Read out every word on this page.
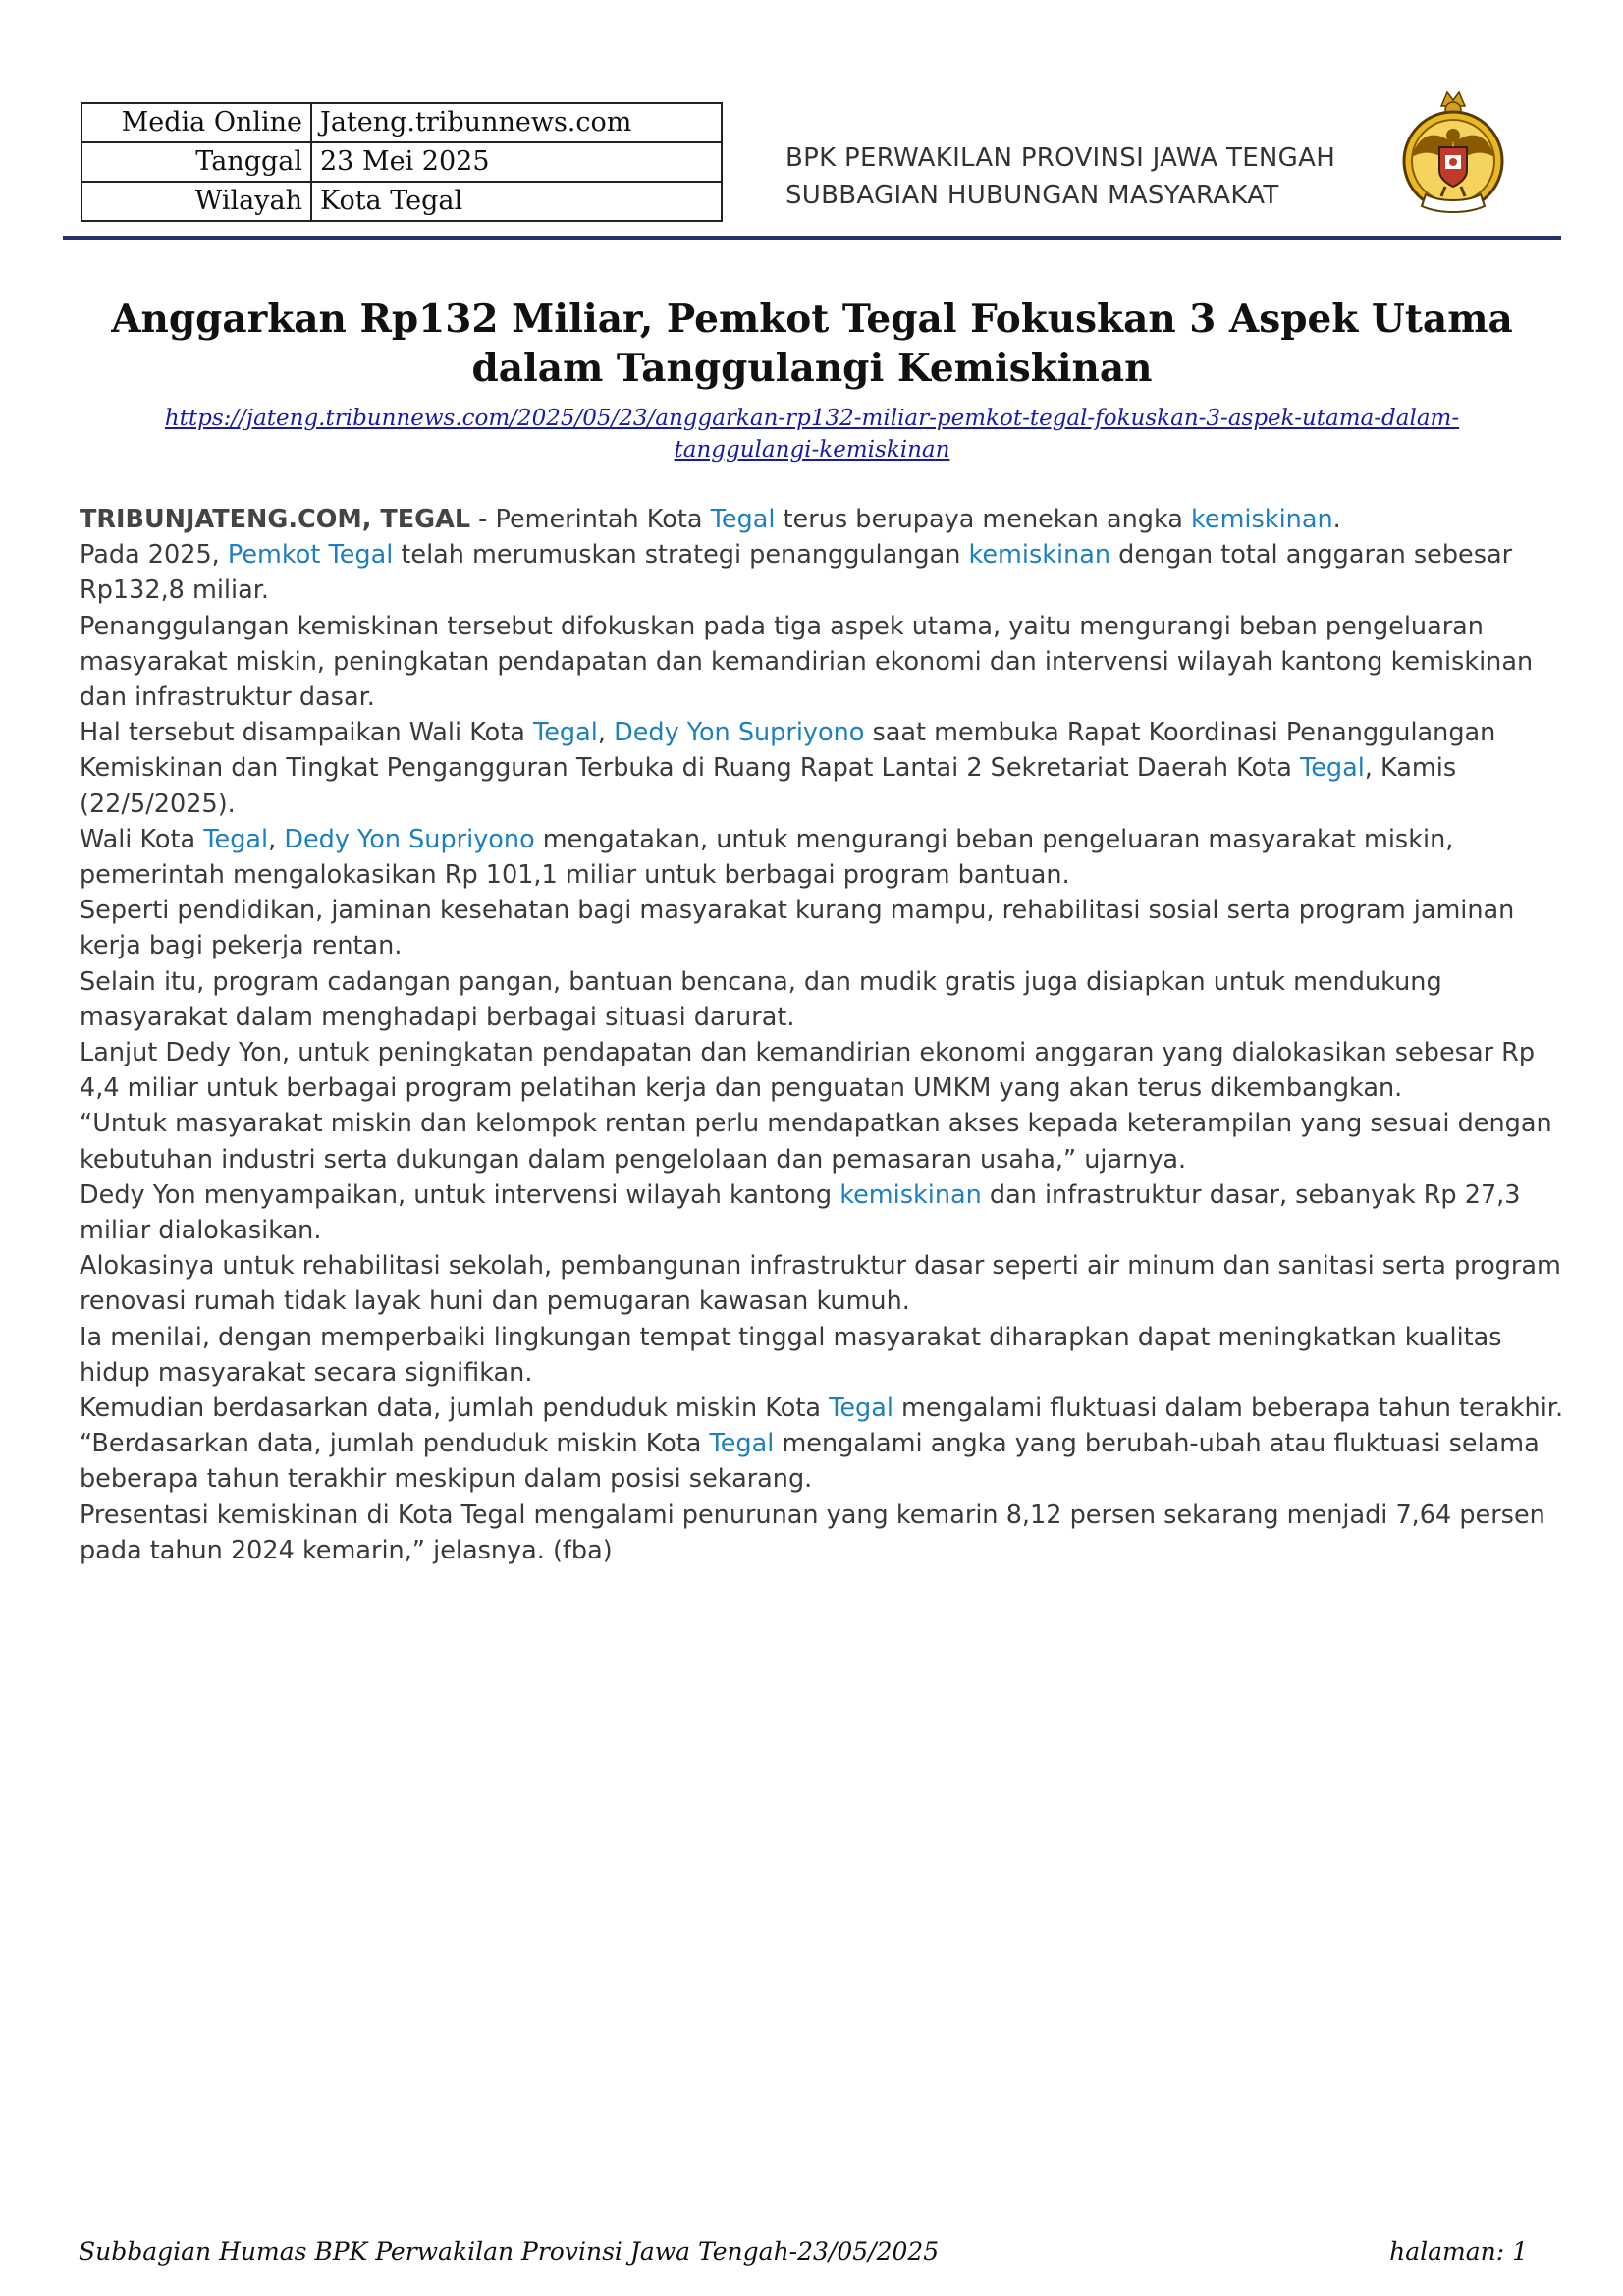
Media Online	Jateng.tribunnews.com
Tanggal	23 Mei 2025
Wilayah	Kota Tegal
BPK PERWAKILAN PROVINSI JAWA TENGAH
SUBBAGIAN HUBUNGAN MASYARAKAT
Anggarkan Rp132 Miliar, Pemkot Tegal Fokuskan 3 Aspek Utama dalam Tanggulangi Kemiskinan
https://jateng.tribunnews.com/2025/05/23/anggarkan-rp132-miliar-pemkot-tegal-fokuskan-3-aspek-utama-dalam-tanggulangi-kemiskinan

TRIBUNJATENG.COM, TEGAL - Pemerintah Kota Tegal terus berupaya menekan angka kemiskinan.

Pada 2025, Pemkot Tegal telah merumuskan strategi penanggulangan kemiskinan dengan total anggaran sebesar Rp132,8 miliar.

Penanggulangan kemiskinan tersebut difokuskan pada tiga aspek utama, yaitu mengurangi beban pengeluaran masyarakat miskin, peningkatan pendapatan dan kemandirian ekonomi dan intervensi wilayah kantong kemiskinan dan infrastruktur dasar.

Hal tersebut disampaikan Wali Kota Tegal, Dedy Yon Supriyono saat membuka Rapat Koordinasi Penanggulangan Kemiskinan dan Tingkat Pengangguran Terbuka di Ruang Rapat Lantai 2 Sekretariat Daerah Kota Tegal, Kamis (22/5/2025).

Wali Kota Tegal, Dedy Yon Supriyono mengatakan, untuk mengurangi beban pengeluaran masyarakat miskin, pemerintah mengalokasikan Rp 101,1 miliar untuk berbagai program bantuan.

Seperti pendidikan, jaminan kesehatan bagi masyarakat kurang mampu, rehabilitasi sosial serta program jaminan kerja bagi pekerja rentan.

Selain itu, program cadangan pangan, bantuan bencana, dan mudik gratis juga disiapkan untuk mendukung masyarakat dalam menghadapi berbagai situasi darurat.

Lanjut Dedy Yon, untuk peningkatan pendapatan dan kemandirian ekonomi anggaran yang dialokasikan sebesar Rp 4,4 miliar untuk berbagai program pelatihan kerja dan penguatan UMKM yang akan terus dikembangkan.

“Untuk masyarakat miskin dan kelompok rentan perlu mendapatkan akses kepada keterampilan yang sesuai dengan kebutuhan industri serta dukungan dalam pengelolaan dan pemasaran usaha,” ujarnya.

Dedy Yon menyampaikan, untuk intervensi wilayah kantong kemiskinan dan infrastruktur dasar, sebanyak Rp 27,3 miliar dialokasikan.

Alokasinya untuk rehabilitasi sekolah, pembangunan infrastruktur dasar seperti air minum dan sanitasi serta program renovasi rumah tidak layak huni dan pemugaran kawasan kumuh.

Ia menilai, dengan memperbaiki lingkungan tempat tinggal masyarakat diharapkan dapat meningkatkan kualitas hidup masyarakat secara signifikan.

Kemudian berdasarkan data, jumlah penduduk miskin Kota Tegal mengalami fluktuasi dalam beberapa tahun terakhir.

“Berdasarkan data, jumlah penduduk miskin Kota Tegal mengalami angka yang berubah-ubah atau fluktuasi selama beberapa tahun terakhir meskipun dalam posisi sekarang.

Presentasi kemiskinan di Kota Tegal mengalami penurunan yang kemarin 8,12 persen sekarang menjadi 7,64 persen pada tahun 2024 kemarin,” jelasnya. (fba)

Subbagian Humas BPK Perwakilan Provinsi Jawa Tengah-23/05/2025	halaman: 1
